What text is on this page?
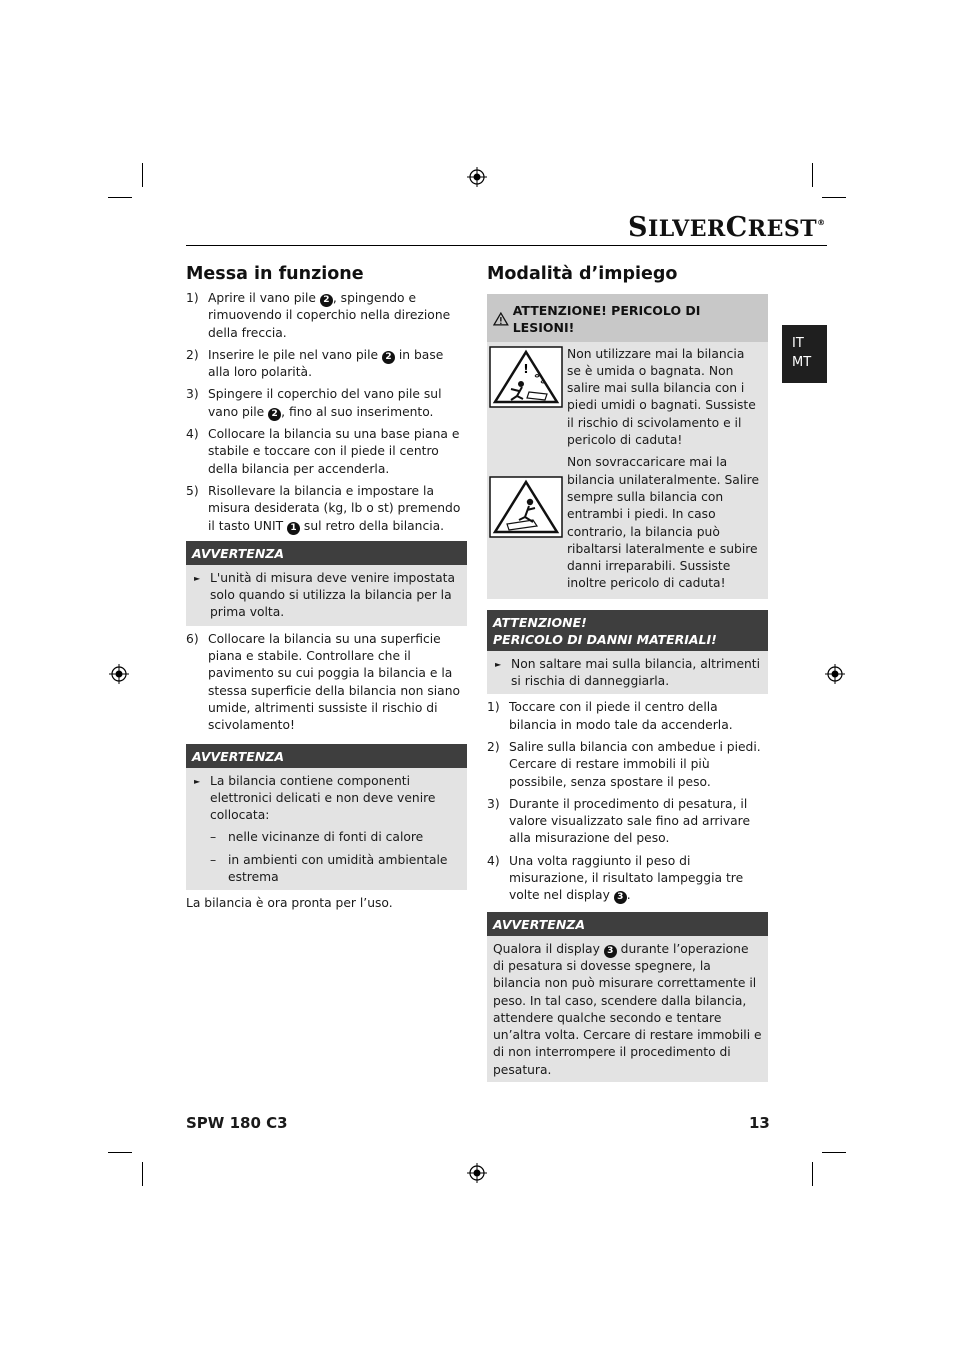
SILVERCREST®
IT
MT
Messa in funzione
1) Aprire il vano pile 2 , spingendo e rimuovendo il coperchio nella direzione della freccia.
2) Inserire le pile nel vano pile 2 in base alla loro polarità.
3) Spingere il coperchio del vano pile sul vano pile 2 , fino al suo inserimento.
4) Collocare la bilancia su una base piana e stabile e toccare con il piede il centro della bilancia per accenderla.
5) Risollevare la bilancia e impostare la misura desiderata (kg, lb o st) premendo il tasto UNIT 1 sul retro della bilancia.
AVVERTENZA
► L'unità di misura deve venire impostata solo quando si utilizza la bilancia per la prima volta.
6) Collocare la bilancia su una superficie piana e stabile. Controllare che il pavimento su cui poggia la bilancia e la stessa superficie della bilancia non siano umide, altrimenti sussiste il rischio di scivolamento!
AVVERTENZA
► La bilancia contiene componenti elettronici delicati e non deve venire collocata:
– nelle vicinanze di fonti di calore
– in ambienti con umidità ambientale estrema

La bilancia è ora pronta per l’uso.

Modalità d’impiego
ATTENZIONE! PERICOLO DI LESIONI!
!
Non utilizzare mai la bilancia se è umida o bagnata. Non salire mai sulla bilancia con i piedi umidi o bagnati. Sussiste il rischio di scivolamento e il pericolo di caduta!
Non sovraccaricare mai la bilancia unilateralmente. Salire sempre sulla bilancia con entrambi i piedi. In caso contrario, la bilancia può ribaltarsi lateralmente e subire danni irreparabili. Sussiste inoltre pericolo di caduta!
ATTENZIONE!
PERICOLO DI DANNI MATERIALI!
► Non saltare mai sulla bilancia, altrimenti si rischia di danneggiarla.
1) Toccare con il piede il centro della bilancia in modo tale da accenderla.
2) Salire sulla bilancia con ambedue i piedi. Cercare di restare immobili il più possibile, senza spostare il peso.
3) Durante il procedimento di pesatura, il valore visualizzato sale fino ad arrivare alla misurazione del peso.
4) Una volta raggiunto il peso di misurazione, il risultato lampeggia tre volte nel display 3 .
AVVERTENZA
Qualora il display 3 durante l’operazione di pesatura si dovesse spegnere, la bilancia non può misurare correttamente il peso. In tal caso, scendere dalla bilancia, attendere qualche secondo e tentare un’altra volta. Cercare di restare immobili e di non interrompere il procedimento di pesatura.
SPW 180 C3	13
